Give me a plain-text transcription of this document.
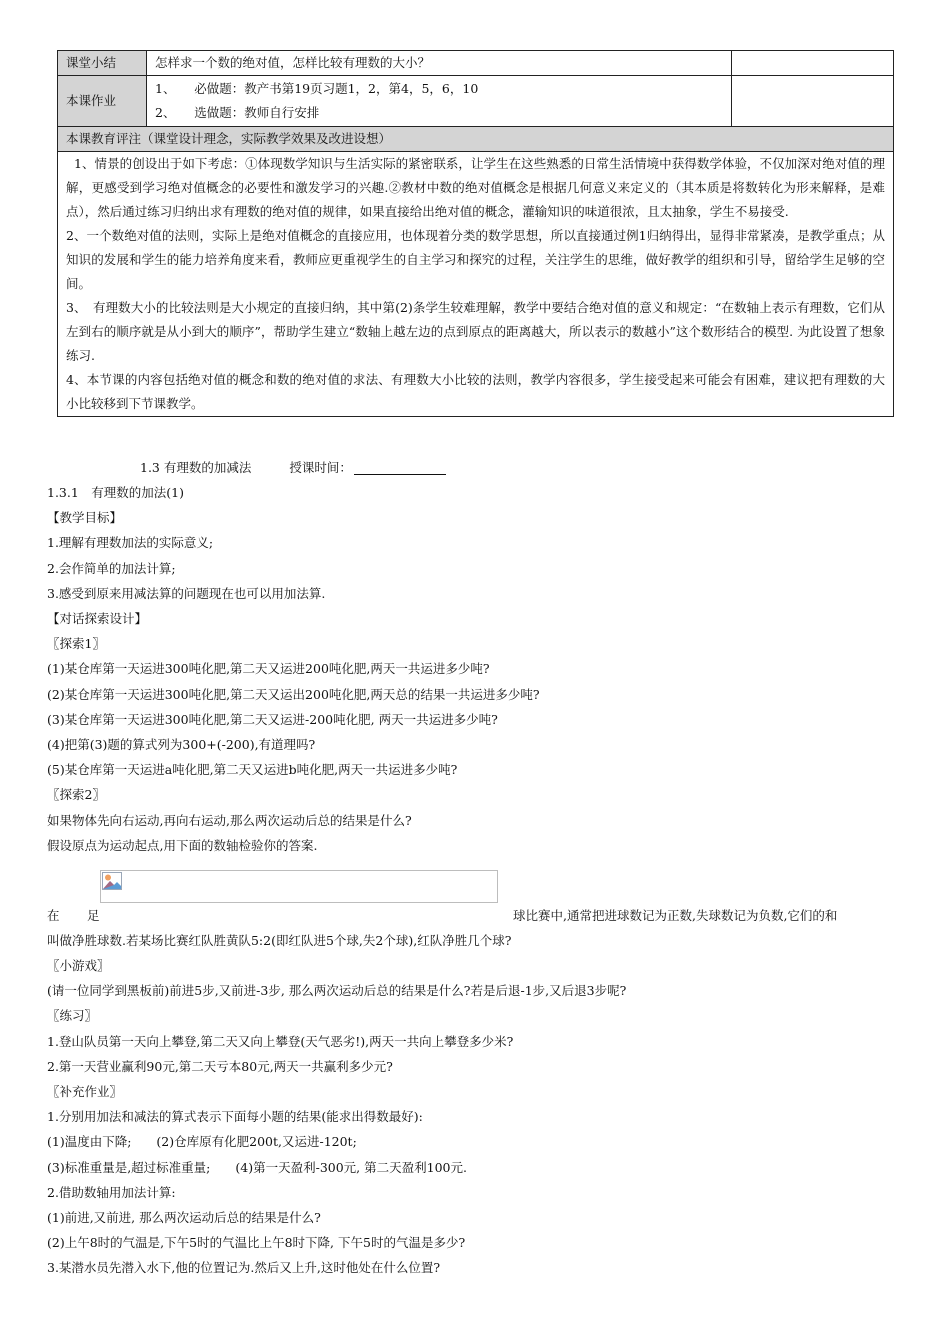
课堂小结	怎样求一个数的绝对值，怎样比较有理数的大小？	
本课作业	1、　　必做题：教产书第19页习题1，2，第4，5，6，10
2、　　选做题：教师自行安排	

本课教育评注（课堂设计理念，实际教学效果及改进设想）		

1、情景的创设出于如下考虑：①体现数学知识与生活实际的紧密联系，让学生在这些熟悉的日常生活情境中获得数学体验，不仅加深对绝对值的理解，更感受到学习绝对值概念的必要性和激发学习的兴趣.②教材中数的绝对值概念是根据几何意义来定义的（其本质是将数转化为形来解释，是难点），然后通过练习归纳出求有理数的绝对值的规律，如果直接给出绝对值的概念，灌输知识的味道很浓，且太抽象，学生不易接受.

2、一个数绝对值的法则，实际上是绝对值概念的直接应用，也体现着分类的数学思想，所以直接通过例1归纳得出，显得非常紧凑，是教学重点；从知识的发展和学生的能力培养角度来看，教师应更重视学生的自主学习和探究的过程，关注学生的思维，做好教学的组织和引导，留给学生足够的空间。

3、　有理数大小的比较法则是大小规定的直接归纳，其中第(2)条学生较难理解，教学中要结合绝对值的意义和规定：“在数轴上表示有理数，它们从左到右的顺序就是从小到大的顺序”，帮助学生建立“数轴上越左边的点到原点的距离越大，所以表示的数越小”这个数形结合的模型. 为此设置了想象练习.

4、本节课的内容包括绝对值的概念和数的绝对值的求法、有理数大小比较的法则，教学内容很多，学生接受起来可能会有困难，建议把有理数的大小比较移到下节课教学。		

1.3 有理数的加减法	授课时间：
1.3.1　有理数的加法(1)
【教学目标】
1.理解有理数加法的实际意义;
2.会作简单的加法计算;
3.感受到原来用减法算的问题现在也可以用加法算.
【对话探索设计】
〖探索1〗
(1)某仓库第一天运进300吨化肥,第二天又运进200吨化肥,两天一共运进多少吨?
(2)某仓库第一天运进300吨化肥,第二天又运出200吨化肥,两天总的结果一共运进多少吨?
(3)某仓库第一天运进300吨化肥,第二天又运进-200吨化肥, 两天一共运进多少吨?
(4)把第(3)题的算式列为300+(-200),有道理吗?
(5)某仓库第一天运进a吨化肥,第二天又运进b吨化肥,两天一共运进多少吨?
〖探索2〗
如果物体先向右运动,再向右运动,那么两次运动后总的结果是什么?
假设原点为运动起点,用下面的数轴检验你的答案.
在 足	球比赛中,通常把进球数记为正数,失球数记为负数,它们的和
叫做净胜球数.若某场比赛红队胜黄队5:2(即红队进5个球,失2个球),红队净胜几个球?
〖小游戏〗
(请一位同学到黑板前)前进5步,又前进-3步, 那么两次运动后总的结果是什么?若是后退-1步,又后退3步呢?
〖练习〗
1.登山队员第一天向上攀登,第二天又向上攀登(天气恶劣!),两天一共向上攀登多少米?
2.第一天营业赢利90元,第二天亏本80元,两天一共赢利多少元?
〖补充作业〗
1.分别用加法和减法的算式表示下面每小题的结果(能求出得数最好):
(1)温度由下降;　　(2)仓库原有化肥200t,又运进-120t;
(3)标准重量是,超过标准重量;　　(4)第一天盈利-300元, 第二天盈利100元.
2.借助数轴用加法计算:
(1)前进,又前进, 那么两次运动后总的结果是什么?
(2)上午8时的气温是,下午5时的气温比上午8时下降, 下午5时的气温是多少?
3.某潜水员先潜入水下,他的位置记为.然后又上升,这时他处在什么位置?
